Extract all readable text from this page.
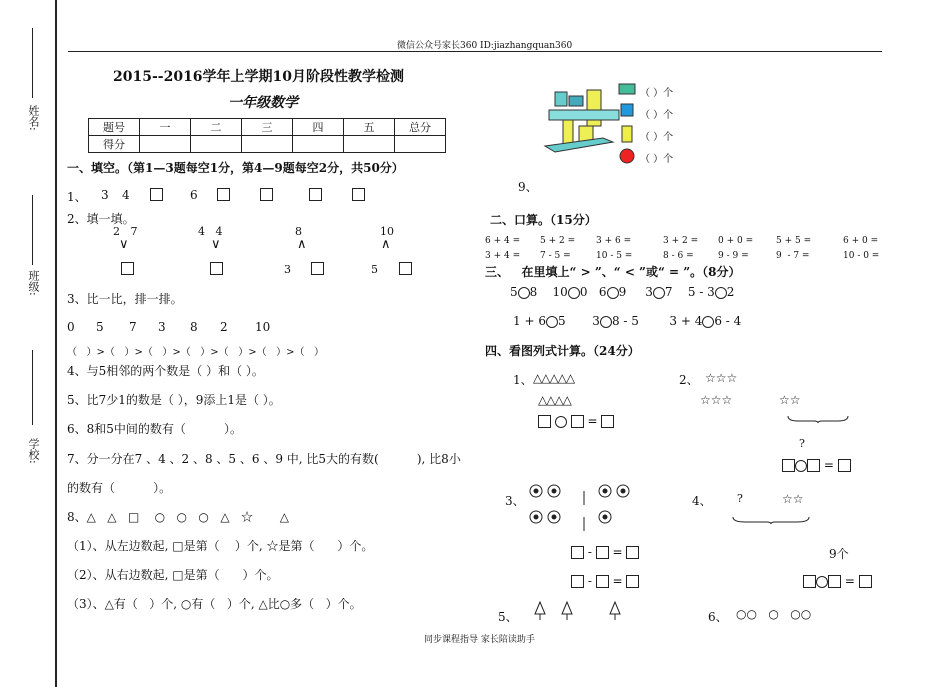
姓名:
班级:
学校:
微信公众号家长360 ID:jiazhangquan360
2015--2016学年上学期10月阶段性教学检测
一年级数学
题号	一	二	三	四	五	总分
得分						
一、填空。（第1—3题每空1分，第4—9题每空2分，共50分）
1、 3 4	6
2、填一填。
2   7	4   4	8	10
∨	∨	∧	∧
3	5
3、比一比，排一排。
0 5 7 3 8 2 10
（   ）>（   ）>（   ）>（   ）>（   ）>（   ）>（   ）
4、与5相邻的两个数是（ ）和（ ）。
5、比7少1的数是（ ），9添上1是（ ）。
6、8和5中间的数有（          ）。
7、分一分在7 、4 、2 、8 、5 、6 、9 中, 比5大的有数(          ), 比8小
的数有（          ）。
8、△   △   □    ○   ○   ○   △   ☆       △
（1）、从左边数起, □是第（    ）个, ☆是第（      ）个。
（2）、从右边数起, □是第（      ）个。
（3）、△有（   ）个, ○有（   ）个, △比○多（   ）个。
（ ）个
（ ）个
（ ）个
（ ）个
9、
二、口算。（15分）
6 + 4 = 5 + 2 = 3 + 6 =	3 + 2 = 0 + 0 =	5 + 5 =	6 + 0 =
3 + 4 = 7 - 5 =	10 - 5 =	8 - 6 =	9 - 9 =	9  - 7 =	10 - 0 =
三、   在里填上“ > ”、“ < ”或“ = ”。（8分）
5 8 10 0 6 9 3 7 5 - 3 2
1 + 6 5 3 8 - 5	3 + 4 6 - 4
四、看图列式计算。（24分）
1、 △△△△△
△△△△
=
2、 ☆☆☆
☆☆☆	☆☆
?
=
3、
- =
- =
4、 ?	☆☆
9个
=
5、	6、 ○○   ○   ○○
同步课程指导 家长陪读助手
